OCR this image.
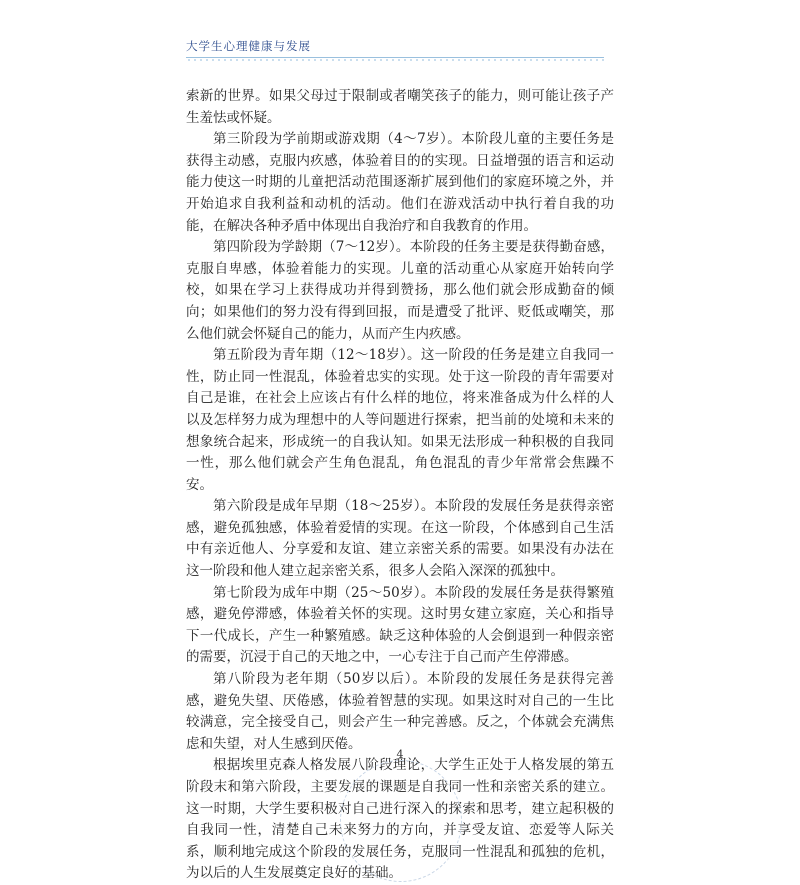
大学生心理健康与发展

索新的世界。如果父母过于限制或者嘲笑孩子的能力，则可能让孩子产生羞怯或怀疑。

第三阶段为学前期或游戏期（4～7岁）。本阶段儿童的主要任务是获得主动感，克服内疚感，体验着目的的实现。日益增强的语言和运动能力使这一时期的儿童把活动范围逐渐扩展到他们的家庭环境之外，并开始追求自我利益和动机的活动。他们在游戏活动中执行着自我的功能，在解决各种矛盾中体现出自我治疗和自我教育的作用。

第四阶段为学龄期（7～12岁）。本阶段的任务主要是获得勤奋感，克服自卑感，体验着能力的实现。儿童的活动重心从家庭开始转向学校，如果在学习上获得成功并得到赞扬，那么他们就会形成勤奋的倾向；如果他们的努力没有得到回报，而是遭受了批评、贬低或嘲笑，那么他们就会怀疑自己的能力，从而产生内疚感。

第五阶段为青年期（12～18岁）。这一阶段的任务是建立自我同一性，防止同一性混乱，体验着忠实的实现。处于这一阶段的青年需要对自己是谁，在社会上应该占有什么样的地位，将来准备成为什么样的人以及怎样努力成为理想中的人等问题进行探索，把当前的处境和未来的想象统合起来，形成统一的自我认知。如果无法形成一种积极的自我同一性，那么他们就会产生角色混乱，角色混乱的青少年常常会焦躁不安。

第六阶段是成年早期（18～25岁）。本阶段的发展任务是获得亲密感，避免孤独感，体验着爱情的实现。在这一阶段，个体感到自己生活中有亲近他人、分享爱和友谊、建立亲密关系的需要。如果没有办法在这一阶段和他人建立起亲密关系，很多人会陷入深深的孤独中。

第七阶段为成年中期（25～50岁）。本阶段的发展任务是获得繁殖感，避免停滞感，体验着关怀的实现。这时男女建立家庭，关心和指导下一代成长，产生一种繁殖感。缺乏这种体验的人会倒退到一种假亲密的需要，沉浸于自己的天地之中，一心专注于自己而产生停滞感。

第八阶段为老年期（50岁以后）。本阶段的发展任务是获得完善感，避免失望、厌倦感，体验着智慧的实现。如果这时对自己的一生比较满意，完全接受自己，则会产生一种完善感。反之，个体就会充满焦虑和失望，对人生感到厌倦。

根据埃里克森人格发展八阶段理论，大学生正处于人格发展的第五阶段末和第六阶段，主要发展的课题是自我同一性和亲密关系的建立。这一时期，大学生要积极对自己进行深入的探索和思考，建立起积极的自我同一性，清楚自己未来努力的方向，并享受友谊、恋爱等人际关系，顺利地完成这个阶段的发展任务，克服同一性混乱和孤独的危机，为以后的人生发展奠定良好的基础。

4
